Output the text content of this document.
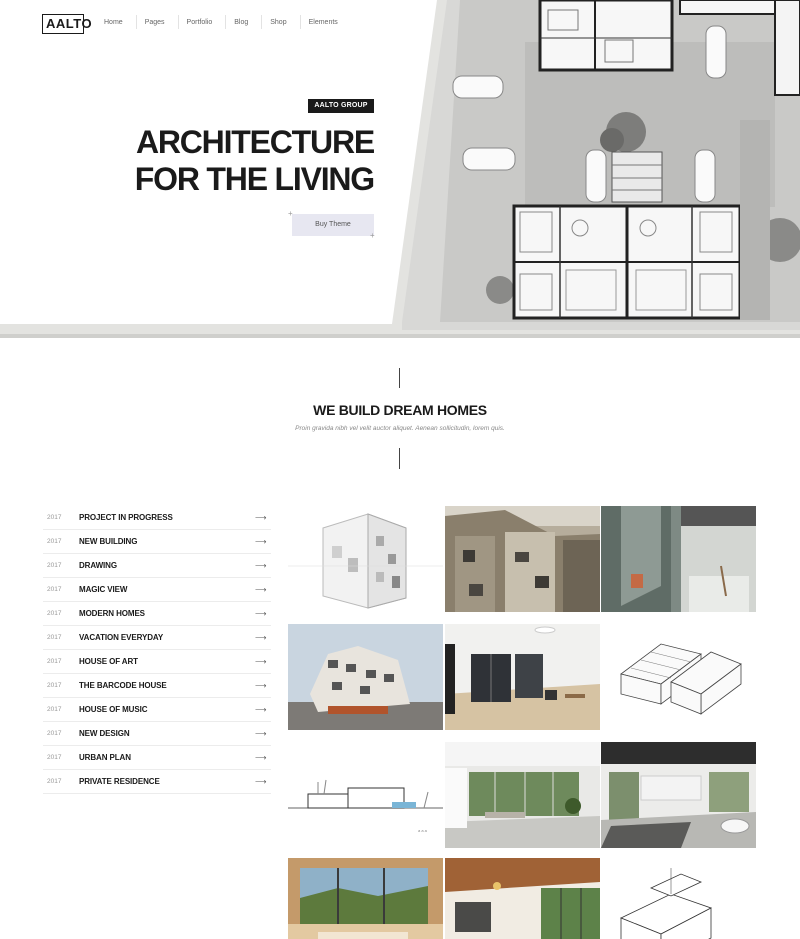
AALTO	Home	Pages	Portfolio	Blog	Shop	Elements
AALTO GROUP
ARCHITECTURE
FOR THE LIVING
Buy Theme
+
+
WE BUILD DREAM HOMES

Proin gravida nibh vel velit auctor aliquet. Aenean sollicitudin, lorem quis.

2017	PROJECT IN PROGRESS	⟶
2017	NEW BUILDING	⟶
2017	DRAWING	⟶
2017	MAGIC VIEW	⟶
2017	MODERN HOMES	⟶
2017	VACATION EVERYDAY	⟶
2017	HOUSE OF ART	⟶
2017	THE BARCODE HOUSE	⟶
2017	HOUSE OF MUSIC	⟶
2017	NEW DESIGN	⟶
2017	URBAN PLAN	⟶
2017	PRIVATE RESIDENCE	⟶
a a a
